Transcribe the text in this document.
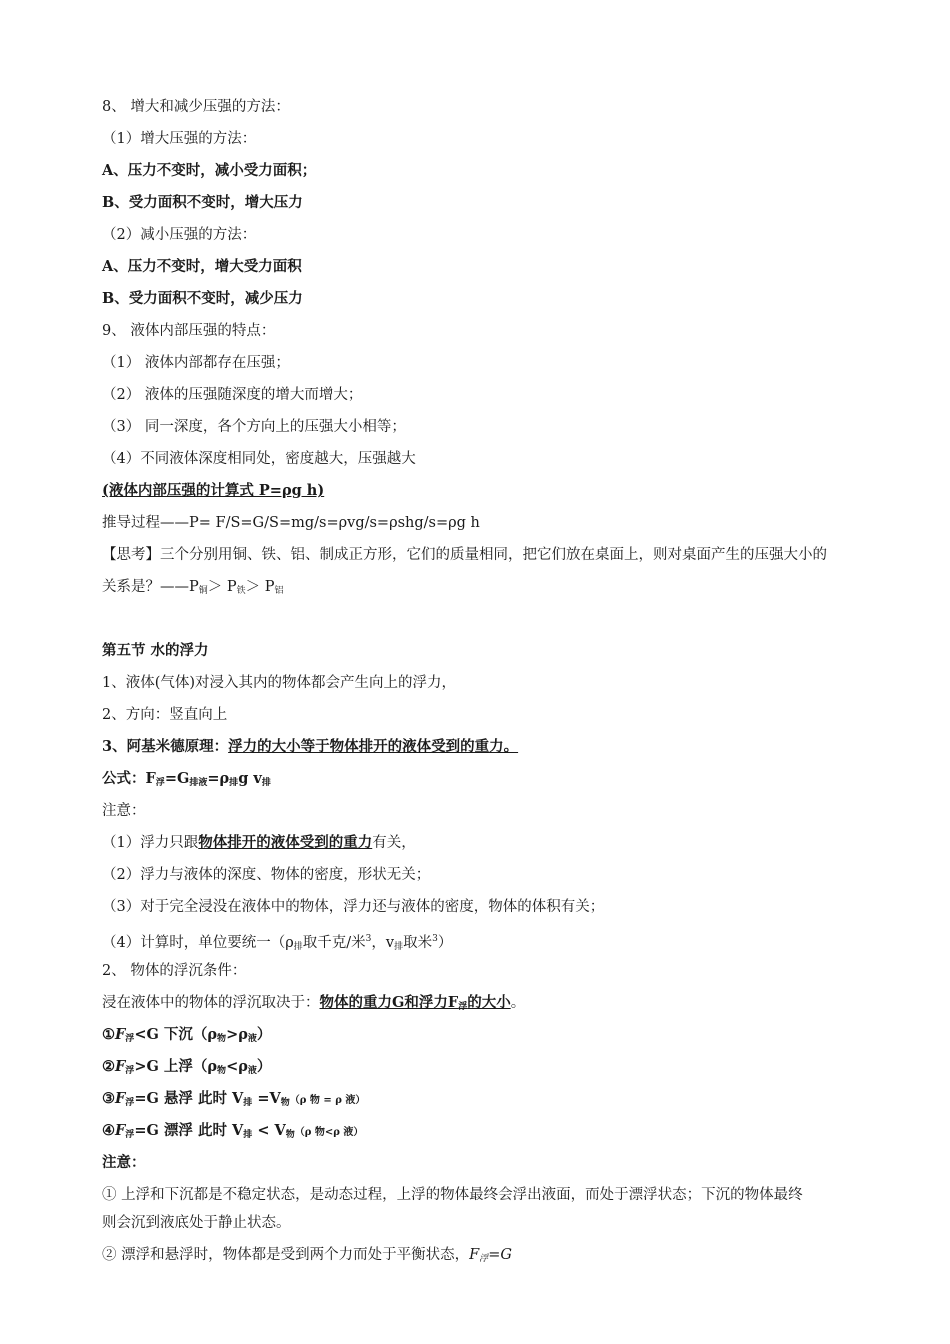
8、 增大和减少压强的方法：
（1）增大压强的方法：
A、压力不变时，减小受力面积；
B、受力面积不变时，增大压力
（2）减小压强的方法：
A、压力不变时，增大受力面积
B、受力面积不变时，减少压力
9、 液体内部压强的特点：
（1） 液体内部都存在压强；
（2） 液体的压强随深度的增大而增大；
（3） 同一深度，各个方向上的压强大小相等；
（4）不同液体深度相同处，密度越大，压强越大
(液体内部压强的计算式 P=ρg h)
推导过程——P= F/S=G/S=mg/s=ρvg/s=ρshg/s=ρg h
【思考】三个分别用铜、铁、铝、制成正方形，它们的质量相同，把它们放在桌面上，则对桌面产生的压强大小的
关系是？$——P_铜> P_铁> P_铝$
第五节 水的浮力
1、液体(气体)对浸入其内的物体都会产生向上的浮力，
2、方向：竖直向上
3、阿基米德原理：浮力的大小等于物体排开的液体受到的重力。
公式：$F_浮=G_{排液}=\rho_排g$ $v_排$
注意：
（1）浮力只跟物体排开的液体受到的重力有关，
（2）浮力与液体的深度、物体的密度，形状无关；
（3）对于完全浸没在液体中的物体，浮力还与液体的密度，物体的体积有关；
（4）计算时，单位要统一（$\rho_排$取千克/米$^3$，$v_排$取米$^3$）
2、 物体的浮沉条件：
浸在液体中的物体的浮沉取决于：物体的重力G和浮力$F_浮$的大小。
$①F_浮<G$ 下沉$(\rho_物>\rho_液)$
$②F_浮>G$ 上浮$(\rho_物<\rho_液)$
$③F_浮=G$ 悬浮 此时 $V_排 =V_物(\rho$ 物 = ρ 液）
$④F_浮=G$ 漂浮 此时 $V_排 < V_物(\rho$ 物<ρ 液）
注意：
① 上浮和下沉都是不稳定状态，是动态过程，上浮的物体最终会浮出液面，而处于漂浮状态；下沉的物体最终
则会沉到液底处于静止状态。
② 漂浮和悬浮时，物体都是受到两个力而处于平衡状态，$F_浮=G$
